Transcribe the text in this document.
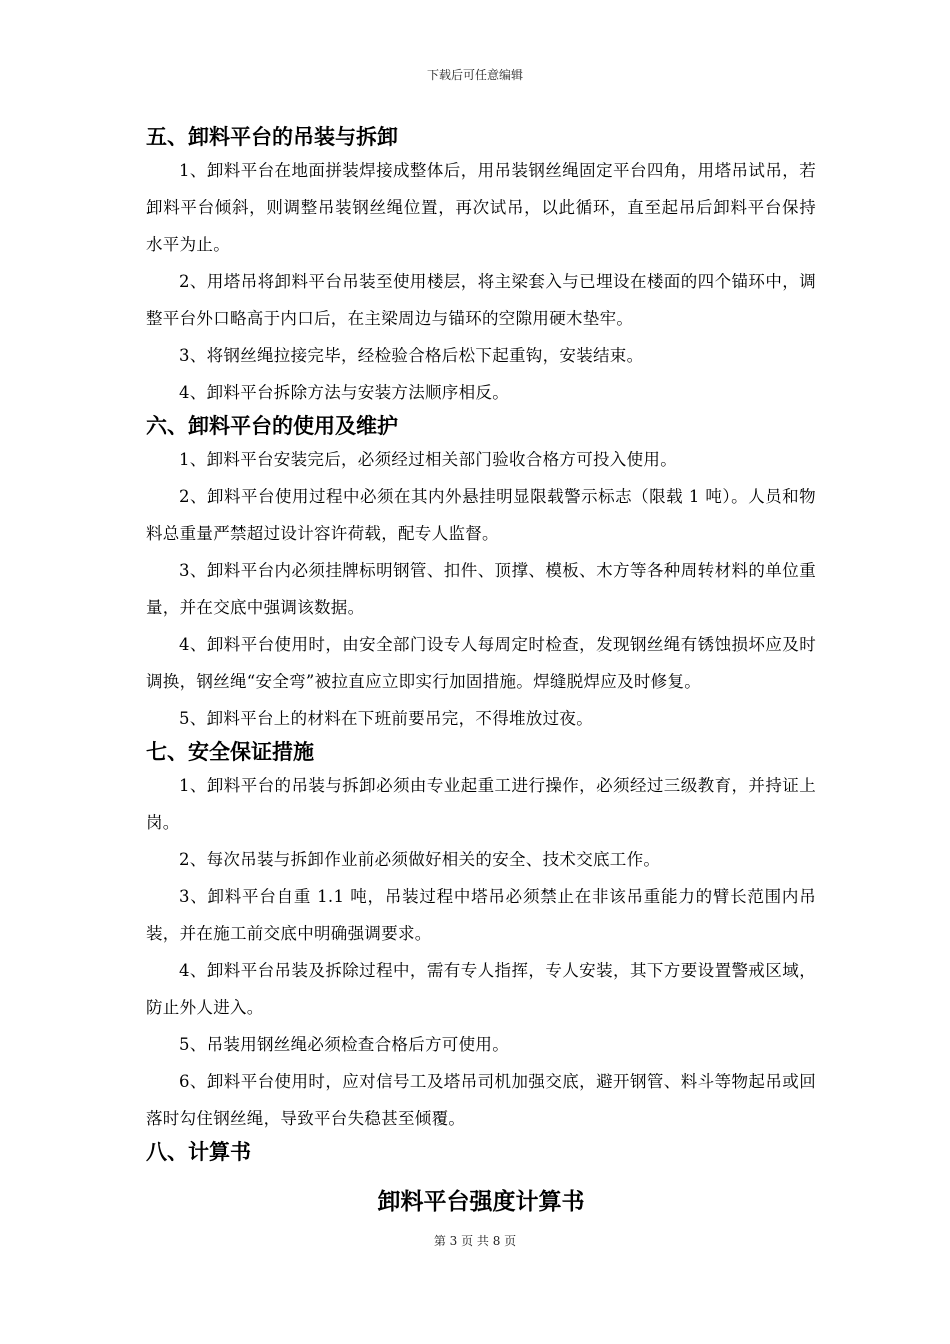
下载后可任意编辑

五、卸料平台的吊装与拆卸

1、卸料平台在地面拼装焊接成整体后，用吊装钢丝绳固定平台四角，用塔吊试吊，若卸料平台倾斜，则调整吊装钢丝绳位置，再次试吊，以此循环，直至起吊后卸料平台保持水平为止。

2、用塔吊将卸料平台吊装至使用楼层，将主梁套入与已埋设在楼面的四个锚环中，调整平台外口略高于内口后，在主梁周边与锚环的空隙用硬木垫牢。

3、将钢丝绳拉接完毕，经检验合格后松下起重钩，安装结束。

4、卸料平台拆除方法与安装方法顺序相反。

六、卸料平台的使用及维护

1、卸料平台安装完后，必须经过相关部门验收合格方可投入使用。

2、卸料平台使用过程中必须在其内外悬挂明显限载警示标志（限载 1 吨）。人员和物料总重量严禁超过设计容许荷载，配专人监督。

3、卸料平台内必须挂牌标明钢管、扣件、顶撑、模板、木方等各种周转材料的单位重量，并在交底中强调该数据。

4、卸料平台使用时，由安全部门设专人每周定时检查，发现钢丝绳有锈蚀损坏应及时调换，钢丝绳“安全弯”被拉直应立即实行加固措施。焊缝脱焊应及时修复。

5、卸料平台上的材料在下班前要吊完，不得堆放过夜。

七、安全保证措施

1、卸料平台的吊装与拆卸必须由专业起重工进行操作，必须经过三级教育，并持证上岗。

2、每次吊装与拆卸作业前必须做好相关的安全、技术交底工作。

3、卸料平台自重 1.1 吨，吊装过程中塔吊必须禁止在非该吊重能力的臂长范围内吊装，并在施工前交底中明确强调要求。

4、卸料平台吊装及拆除过程中，需有专人指挥，专人安装，其下方要设置警戒区域，防止外人进入。

5、吊装用钢丝绳必须检查合格后方可使用。

6、卸料平台使用时，应对信号工及塔吊司机加强交底，避开钢管、料斗等物起吊或回落时勾住钢丝绳，导致平台失稳甚至倾覆。

八、计算书

卸料平台强度计算书

第 3 页 共 8 页
